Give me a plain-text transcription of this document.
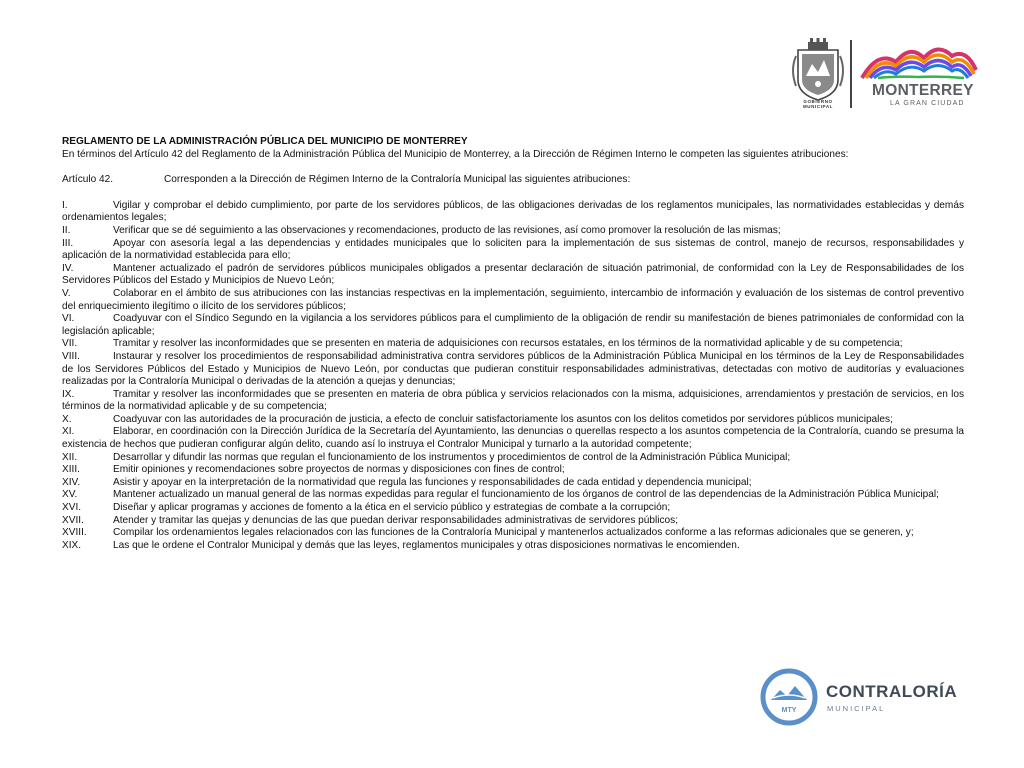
GOBIERNO MUNICIPAL
MONTERREY
LA GRAN CIUDAD
REGLAMENTO DE LA ADMINISTRACIÓN PÚBLICA DEL MUNICIPIO DE MONTERREY
En términos del Artículo 42 del Reglamento de la Administración Pública del Municipio de Monterrey, a la Dirección de Régimen Interno le competen las siguientes atribuciones:
Artículo 42.	Corresponden a la Dirección de Régimen Interno de la Contraloría Municipal las siguientes atribuciones:
I.	Vigilar y comprobar el debido cumplimiento, por parte de los servidores públicos, de las obligaciones derivadas de los reglamentos municipales, las normatividades establecidas y demás ordenamientos legales;
II.	Verificar que se dé seguimiento a las observaciones y recomendaciones, producto de las revisiones, así como promover la resolución de las mismas;
III.	Apoyar con asesoría legal a las dependencias y entidades municipales que lo soliciten para la implementación de sus sistemas de control, manejo de recursos, responsabilidades y aplicación de la normatividad establecida para ello;
IV.	Mantener actualizado el padrón de servidores públicos municipales obligados a presentar declaración de situación patrimonial, de conformidad con la Ley de Responsabilidades de los Servidores Públicos del Estado y Municipios de Nuevo León;
V.	Colaborar en el ámbito de sus atribuciones con las instancias respectivas en la implementación, seguimiento, intercambio de información y evaluación de los sistemas de control preventivo del enriquecimiento ilegítimo o ilícito de los servidores públicos;
VI.	Coadyuvar con el Síndico Segundo en la vigilancia a los servidores públicos para el cumplimiento de la obligación de rendir su manifestación de bienes patrimoniales de conformidad con la legislación aplicable;
VII.	Tramitar y resolver las inconformidades que se presenten en materia de adquisiciones con recursos estatales, en los términos de la normatividad aplicable y de su competencia;
VIII.	Instaurar y resolver los procedimientos de responsabilidad administrativa contra servidores públicos de la Administración Pública Municipal en los términos de la Ley de Responsabilidades de los Servidores Públicos del Estado y Municipios de Nuevo León, por conductas que pudieran constituir responsabilidades administrativas, detectadas con motivo de auditorías y evaluaciones realizadas por la Contraloría Municipal o derivadas de la atención a quejas y denuncias;
IX.	Tramitar y resolver las inconformidades que se presenten en materia de obra pública y servicios relacionados con la misma, adquisiciones, arrendamientos y prestación de servicios, en los términos de la normatividad aplicable y de su competencia;
X.	Coadyuvar con las autoridades de la procuración de justicia, a efecto de concluir satisfactoriamente los asuntos con los delitos cometidos por servidores públicos municipales;
XI.	Elaborar, en coordinación con la Dirección Jurídica de la Secretaría del Ayuntamiento, las denuncias o querellas respecto a los asuntos competencia de la Contraloría, cuando se presuma la existencia de hechos que pudieran configurar algún delito, cuando así lo instruya el Contralor Municipal y turnarlo a la autoridad competente;
XII.	Desarrollar y difundir las normas que regulan el funcionamiento de los instrumentos y procedimientos de control de la Administración Pública Municipal;
XIII.	Emitir opiniones y recomendaciones sobre proyectos de normas y disposiciones con fines de control;
XIV.	Asistir y apoyar en la interpretación de la normatividad que regula las funciones y responsabilidades de cada entidad y dependencia municipal;
XV.	Mantener actualizado un manual general de las normas expedidas para regular el funcionamiento de los órganos de control de las dependencias de la Administración Pública Municipal;
XVI.	Diseñar y aplicar programas y acciones de fomento a la ética en el servicio público y estrategias de combate a la corrupción;
XVII.	Atender y tramitar las quejas y denuncias de las que puedan derivar responsabilidades administrativas de servidores públicos;
XVIII.	Compilar los ordenamientos legales relacionados con las funciones de la Contraloría Municipal y mantenerlos actualizados conforme a las reformas adicionales que se generen, y;
XIX.	Las que le ordene el Contralor Municipal y demás que las leyes, reglamentos municipales y otras disposiciones normativas le encomienden.
MTY
CONTRALORÍA
MUNICIPAL
